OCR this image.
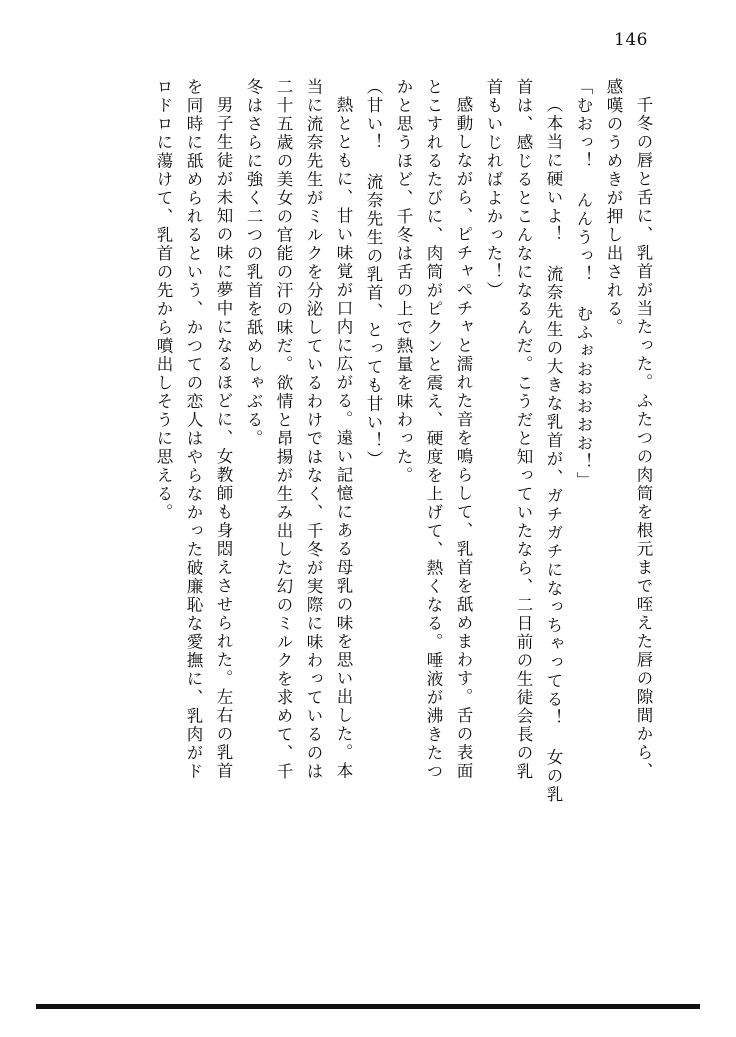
146
千冬の唇と舌に、乳首が当たった。ふたつの肉筒を根元まで咥えた唇の隙間から、
感嘆のうめきが押し出される。
「むおっ！ んんうっ！ むふぉおおおおお！」
（本当に硬いよ！ 流奈先生の大きな乳首が、ガチガチになっちゃってる！ 女の乳
首は、感じるとこんなになるんだ。こうだと知っていたなら、二日前の生徒会長の乳
首もいじればよかった！）
感動しながら、ピチャペチャと濡れた音を鳴らして、乳首を舐めまわす。舌の表面
とこすれるたびに、肉筒がピクンと震え、硬度を上げて、熱くなる。唾液が沸きたつ
かと思うほど、千冬は舌の上で熱量を味わった。
（甘い！ 流奈先生の乳首、とっても甘い！）
熱とともに、甘い味覚が口内に広がる。遠い記憶にある母乳の味を思い出した。本
当に流奈先生がミルクを分泌しているわけではなく、千冬が実際に味わっているのは
二十五歳の美女の官能の汗の味だ。欲情と昂揚が生み出した幻のミルクを求めて、千
冬はさらに強く二つの乳首を舐めしゃぶる。
男子生徒が未知の味に夢中になるほどに、女教師も身悶えさせられた。左右の乳首
を同時に舐められるという、かつての恋人はやらなかった破廉恥な愛撫に、乳肉がド
ロドロに蕩けて、乳首の先から噴出しそうに思える。
